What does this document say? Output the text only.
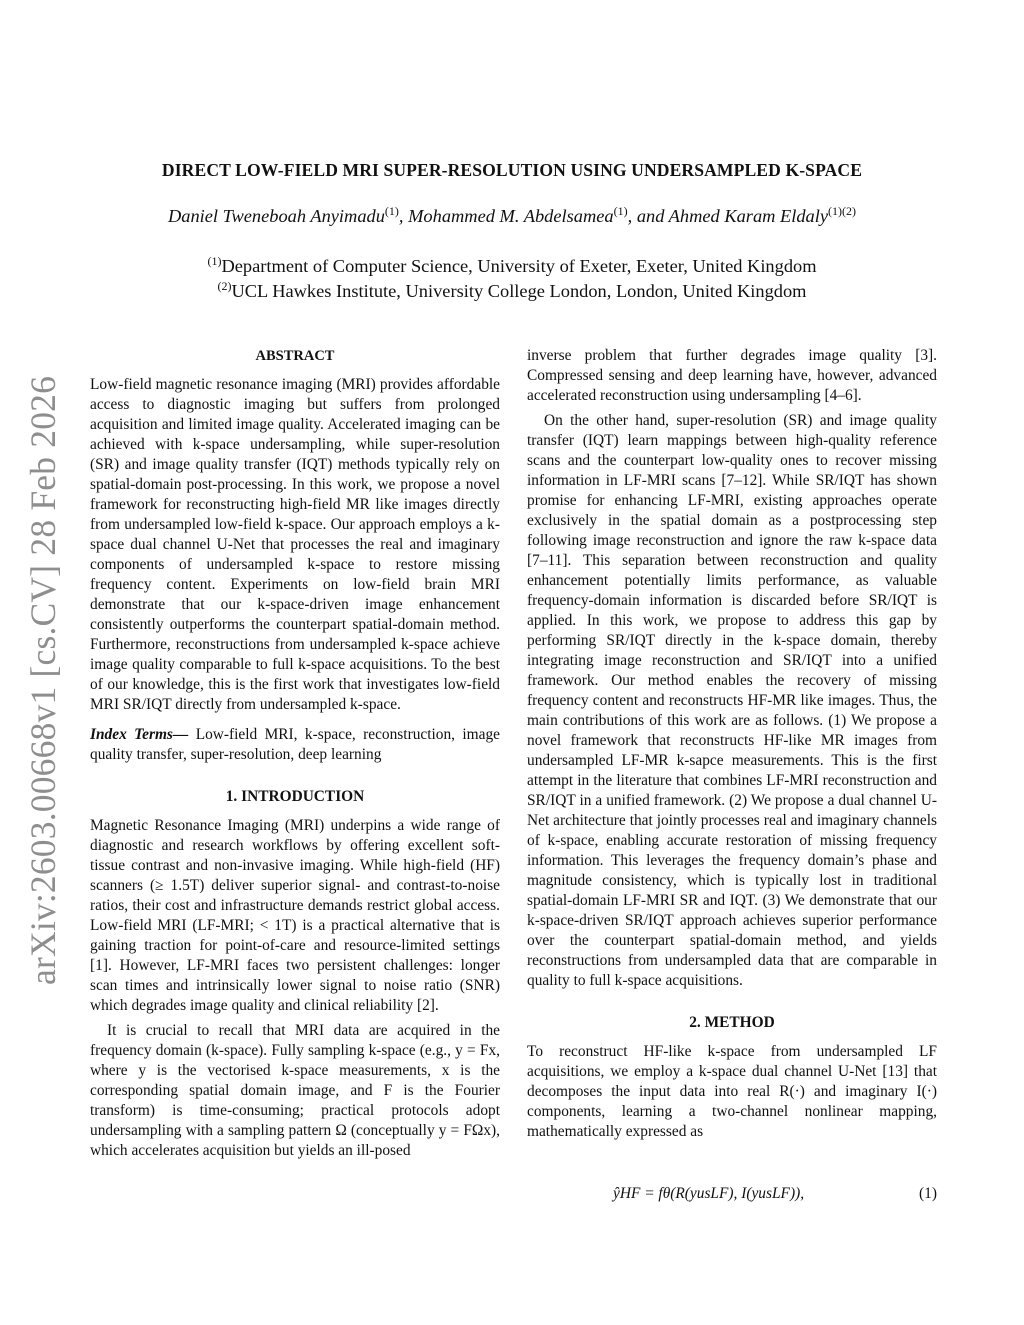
arXiv:2603.00668v1 [cs.CV] 28 Feb 2026
DIRECT LOW-FIELD MRI SUPER-RESOLUTION USING UNDERSAMPLED K-SPACE
Daniel Tweneboah Anyimadu$^{(1)}$, Mohammed M. Abdelsamea$^{(1)}$, and Ahmed Karam Eldaly$^{(1)(2)}$
$^{(1)}$Department of Computer Science, University of Exeter, Exeter, United Kingdom
$^{(2)}$UCL Hawkes Institute, University College London, London, United Kingdom
ABSTRACT

Low-field magnetic resonance imaging (MRI) provides affordable access to diagnostic imaging but suffers from prolonged acquisition and limited image quality. Accelerated imaging can be achieved with k-space undersampling, while super-resolution (SR) and image quality transfer (IQT) methods typically rely on spatial-domain post-processing. In this work, we propose a novel framework for reconstructing high-field MR like images directly from undersampled low-field k-space. Our approach employs a k-space dual channel U-Net that processes the real and imaginary components of undersampled k-space to restore missing frequency content. Experiments on low-field brain MRI demonstrate that our k-space-driven image enhancement consistently outperforms the counterpart spatial-domain method. Furthermore, reconstructions from undersampled k-space achieve image quality comparable to full k-space acquisitions. To the best of our knowledge, this is the first work that investigates low-field MRI SR/IQT directly from undersampled k-space.

Index Terms— Low-field MRI, k-space, reconstruction, image quality transfer, super-resolution, deep learning

1. INTRODUCTION

Magnetic Resonance Imaging (MRI) underpins a wide range of diagnostic and research workflows by offering excellent soft-tissue contrast and non-invasive imaging. While high-field (HF) scanners (≥ 1.5T) deliver superior signal- and contrast-to-noise ratios, their cost and infrastructure demands restrict global access. Low-field MRI (LF-MRI; < 1T) is a practical alternative that is gaining traction for point-of-care and resource-limited settings [1]. However, LF-MRI faces two persistent challenges: longer scan times and intrinsically lower signal to noise ratio (SNR) which degrades image quality and clinical reliability [2].

It is crucial to recall that MRI data are acquired in the frequency domain (k-space). Fully sampling k-space (e.g., y = Fx, where y is the vectorised k-space measurements, x is the corresponding spatial domain image, and F is the Fourier transform) is time-consuming; practical protocols adopt undersampling with a sampling pattern Ω (conceptually y = FΩx), which accelerates acquisition but yields an ill-posed

inverse problem that further degrades image quality [3]. Compressed sensing and deep learning have, however, advanced accelerated reconstruction using undersampling [4–6].

On the other hand, super-resolution (SR) and image quality transfer (IQT) learn mappings between high-quality reference scans and the counterpart low-quality ones to recover missing information in LF-MRI scans [7–12]. While SR/IQT has shown promise for enhancing LF-MRI, existing approaches operate exclusively in the spatial domain as a postprocessing step following image reconstruction and ignore the raw k-space data [7–11]. This separation between reconstruction and quality enhancement potentially limits performance, as valuable frequency-domain information is discarded before SR/IQT is applied. In this work, we propose to address this gap by performing SR/IQT directly in the k-space domain, thereby integrating image reconstruction and SR/IQT into a unified framework. Our method enables the recovery of missing frequency content and reconstructs HF-MR like images. Thus, the main contributions of this work are as follows. (1) We propose a novel framework that reconstructs HF-like MR images from undersampled LF-MR k-sapce measurements. This is the first attempt in the literature that combines LF-MRI reconstruction and SR/IQT in a unified framework. (2) We propose a dual channel U-Net architecture that jointly processes real and imaginary channels of k-space, enabling accurate restoration of missing frequency information. This leverages the frequency domain’s phase and magnitude consistency, which is typically lost in traditional spatial-domain LF-MRI SR and IQT. (3) We demonstrate that our k-space-driven SR/IQT approach achieves superior performance over the counterpart spatial-domain method, and yields reconstructions from undersampled data that are comparable in quality to full k-space acquisitions.

2. METHOD

To reconstruct HF-like k-space from undersampled LF acquisitions, we employ a k-space dual channel U-Net [13] that decomposes the input data into real R(·) and imaginary I(·) components, learning a two-channel nonlinear mapping, mathematically expressed as

ŷHF = fθ(R(yusLF), I(yusLF)),	(1)
